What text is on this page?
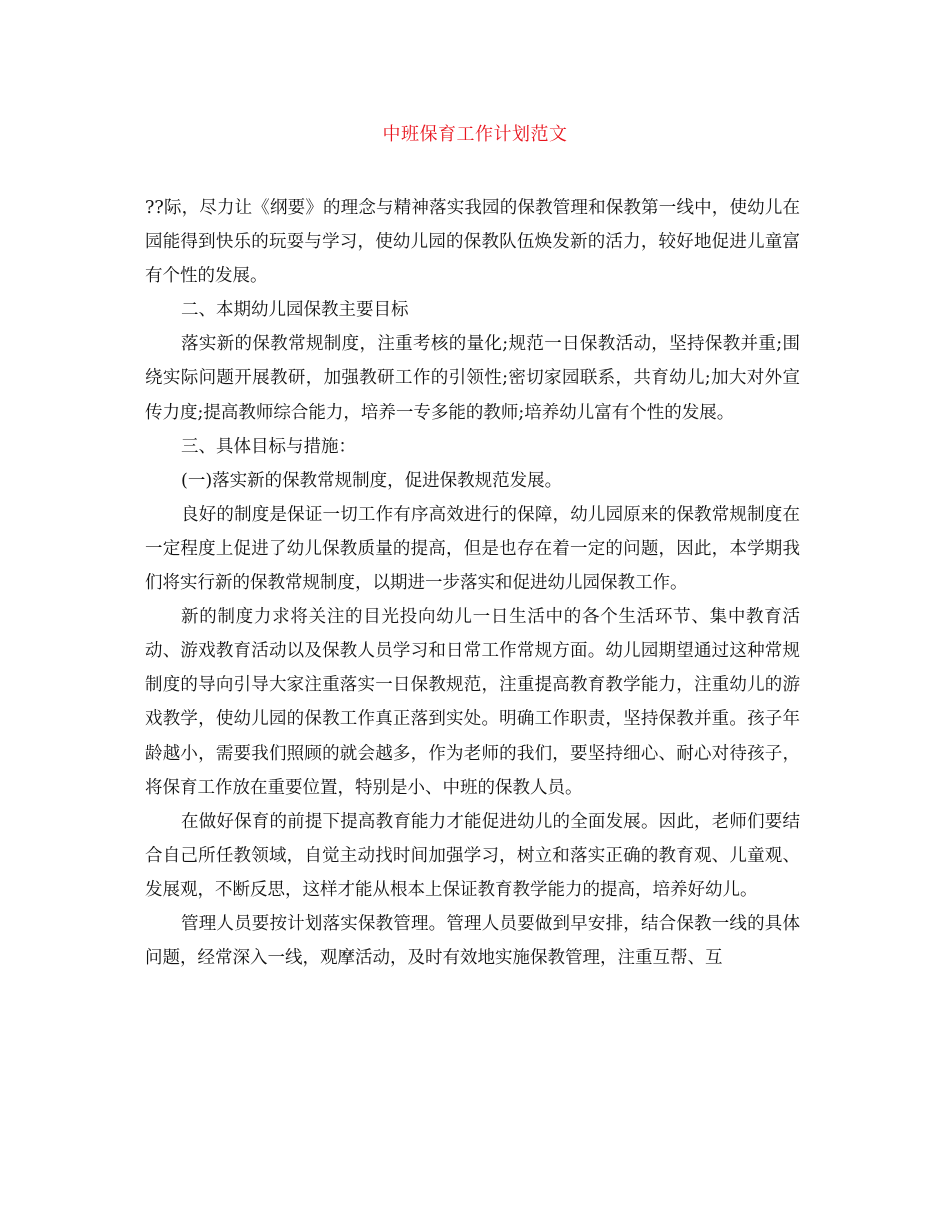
中班保育工作计划范文

??际，尽力让《纲要》的理念与精神落实我园的保教管理和保教第一线中，使幼儿在园能得到快乐的玩耍与学习，使幼儿园的保教队伍焕发新的活力，较好地促进儿童富有个性的发展。

二、本期幼儿园保教主要目标

落实新的保教常规制度，注重考核的量化;规范一日保教活动，坚持保教并重;围绕实际问题开展教研，加强教研工作的引领性;密切家园联系，共育幼儿;加大对外宣传力度;提高教师综合能力，培养一专多能的教师;培养幼儿富有个性的发展。

三、具体目标与措施：

(一)落实新的保教常规制度，促进保教规范发展。

良好的制度是保证一切工作有序高效进行的保障，幼儿园原来的保教常规制度在一定程度上促进了幼儿保教质量的提高，但是也存在着一定的问题，因此，本学期我们将实行新的保教常规制度，以期进一步落实和促进幼儿园保教工作。

新的制度力求将关注的目光投向幼儿一日生活中的各个生活环节、集中教育活动、游戏教育活动以及保教人员学习和日常工作常规方面。幼儿园期望通过这种常规制度的导向引导大家注重落实一日保教规范，注重提高教育教学能力，注重幼儿的游戏教学，使幼儿园的保教工作真正落到实处。明确工作职责，坚持保教并重。孩子年龄越小，需要我们照顾的就会越多，作为老师的我们，要坚持细心、耐心对待孩子，将保育工作放在重要位置，特别是小、中班的保教人员。

在做好保育的前提下提高教育能力才能促进幼儿的全面发展。因此，老师们要结合自己所任教领域，自觉主动找时间加强学习，树立和落实正确的教育观、儿童观、发展观，不断反思，这样才能从根本上保证教育教学能力的提高，培养好幼儿。

管理人员要按计划落实保教管理。管理人员要做到早安排，结合保教一线的具体问题，经常深入一线，观摩活动，及时有效地实施保教管理，注重互帮、互
